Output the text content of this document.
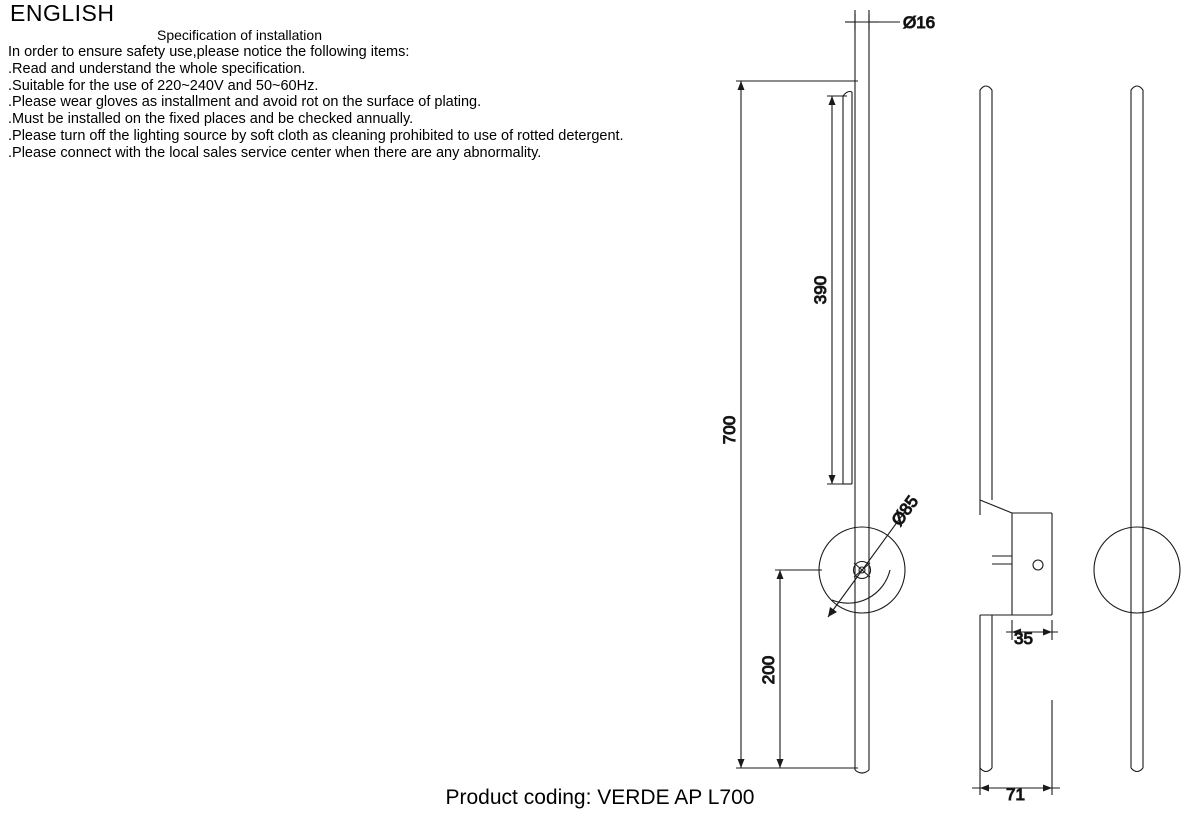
ENGLISH
Specification of installation
In order to ensure safety use,please notice the following items:
.Read and understand the whole specification.
.Suitable for the use of 220~240V and 50~60Hz.
.Please wear gloves as installment and avoid rot on the surface of plating.
.Must be installed on the fixed places and be checked annually.
.Please turn off the lighting source by soft cloth as cleaning prohibited to use of rotted detergent.
.Please connect with the local sales service center when there are any abnormality.
Ø16
390
700
200
Ø85
35
71
Product coding: VERDE AP L700
